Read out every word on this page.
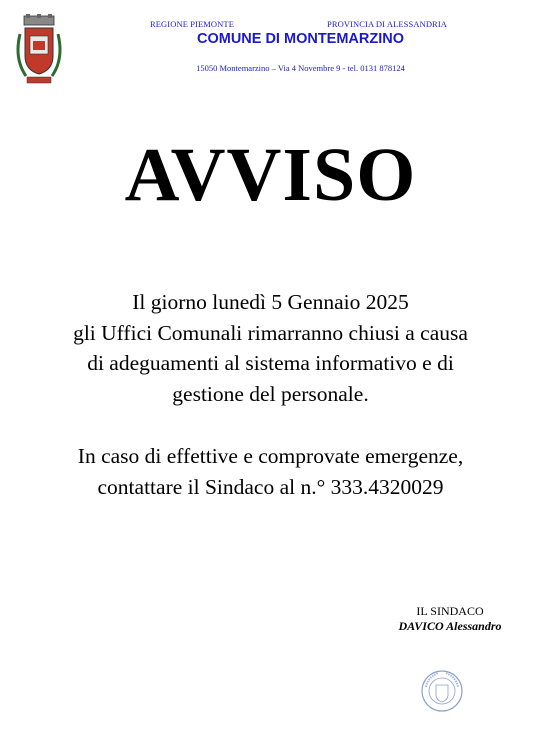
REGIONE PIEMONTE	PROVINCIA DI ALESSANDRIA
COMUNE DI MONTEMARZINO
15050 Montemarzino – Via 4 Novembre 9 - tel. 0131 878124
AVVISO

Il giorno lunedì 5 Gennaio 2025

gli Uffici Comunali rimarranno chiusi a causa

di adeguamenti al sistema informativo e di

gestione del personale.

In caso di effettive e comprovate emergenze,

contattare il Sindaco al n.° 333.4320029

IL SINDACO
DAVICO Alessandro
